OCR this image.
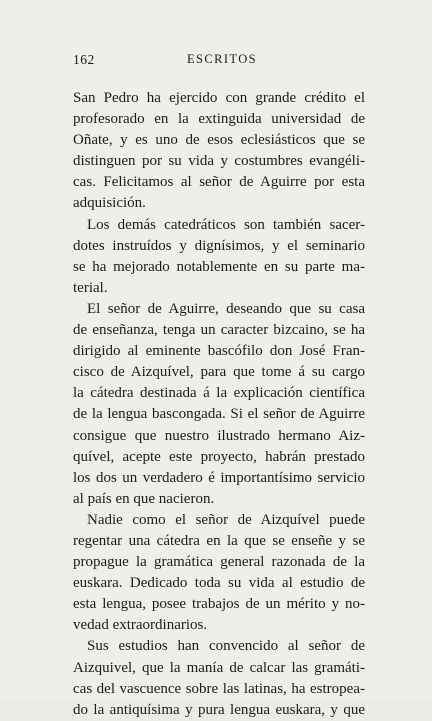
162	ESCRITOS
San Pedro ha ejercido con grande crédito el
profesorado en la extinguida universidad de
Oñate, y es uno de esos eclesiásticos que se
distinguen por su vida y costumbres evangéli-
cas. Felicitamos al señor de Aguirre por esta
adquisición.
Los demás catedráticos son también sacer-
dotes instruídos y dignísimos, y el seminario
se ha mejorado notablemente en su parte ma-
terial.
El señor de Aguirre, deseando que su casa
de enseñanza, tenga un caracter bizcaino, se ha
dirigido al eminente bascófilo don José Fran-
cisco de Aizquível, para que tome á su cargo
la cátedra destinada á la explicación científica
de la lengua bascongada. Si el señor de Aguirre
consigue que nuestro ilustrado hermano Aiz-
quível, acepte este proyecto, habrán prestado
los dos un verdadero é importantísimo servicio
al país en que nacieron.
Nadie como el señor de Aizquível puede
regentar una cátedra en la que se enseñe y se
propague la gramática general razonada de la
euskara. Dedicado toda su vida al estudio de
esta lengua, posee trabajos de un mérito y no-
vedad extraordinarios.
Sus estudios han convencido al señor de
Aizquivel, que la manía de calcar las gramáti-
cas del vascuence sobre las latinas, ha estropea-
do la antiquísima y pura lengua euskara, y que
